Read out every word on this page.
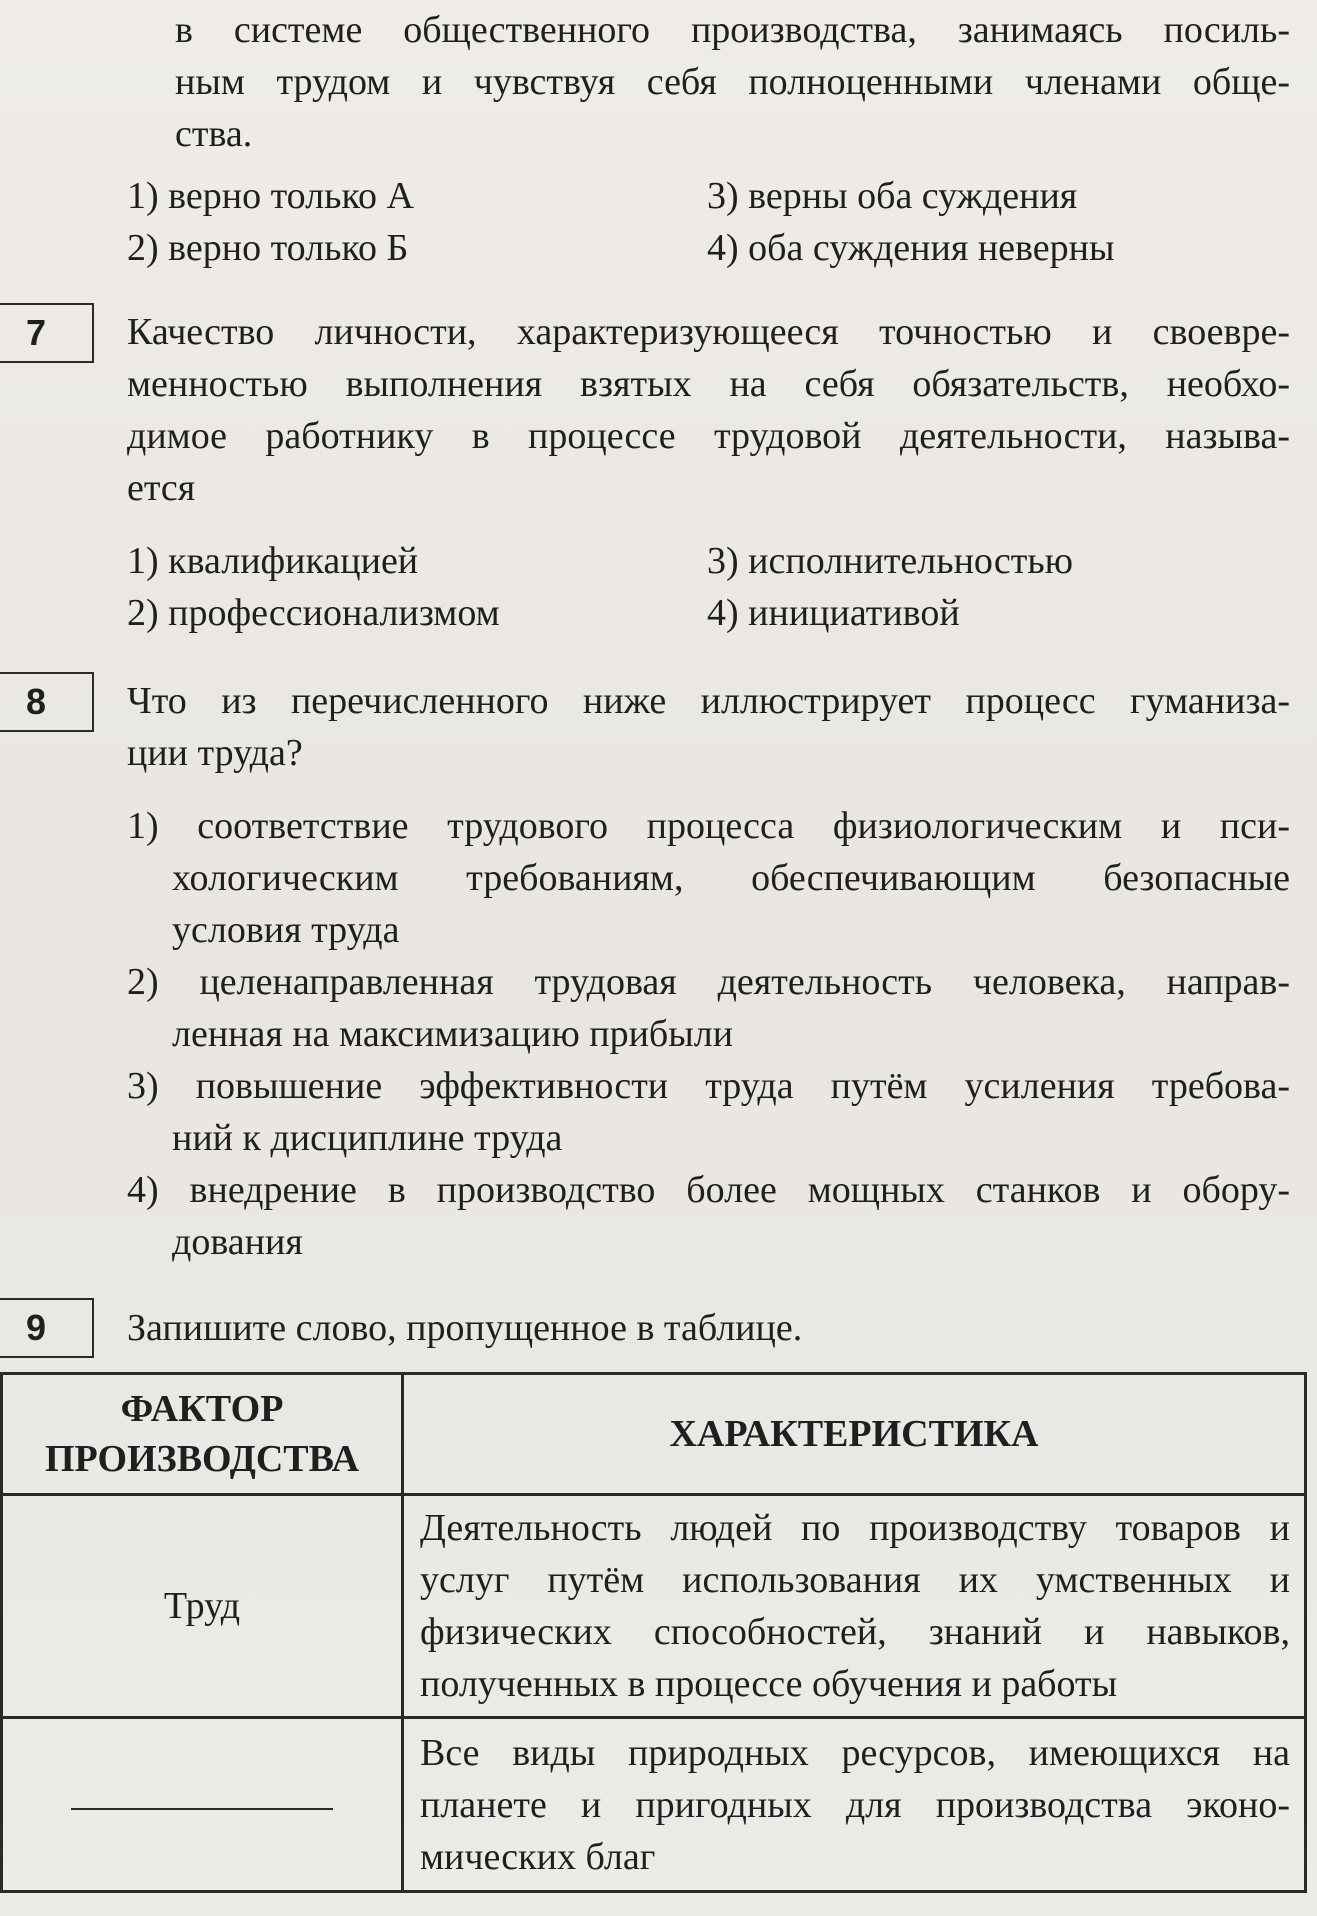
в системе общественного производства, занимаясь посиль-
ным трудом и чувствуя себя полноценными членами обще-
ства.
1) верно только А	3) верны оба суждения
2) верно только Б	4) оба суждения неверны
7	Качество личности, характеризующееся точностью и своевре-
менностью выполнения взятых на себя обязательств, необхо-
димое работнику в процессе трудовой деятельности, называ-
ется
1) квалификацией	3) исполнительностью
2) профессионализмом	4) инициативой
8	Что из перечисленного ниже иллюстрирует процесс гуманиза-
ции труда?
1) соответствие трудового процесса физиологическим и пси-
хологическим требованиям, обеспечивающим безопасные
условия труда
2) целенаправленная трудовая деятельность человека, направ-
ленная на максимизацию прибыли
3) повышение эффективности труда путём усиления требова-
ний к дисциплине труда
4) внедрение в производство более мощных станков и обору-
дования
9	Запишите слово, пропущенное в таблице.
ФАКТОР
ПРОИЗВОДСТВА	ХАРАКТЕРИСТИКА
Труд	Деятельность людей по производству товаров и услуг путём использования их умственных и физических способностей, знаний и навыков, полученных в процессе обучения и работы
	Все виды природных ресурсов, имеющихся на планете и пригодных для производства эконо-мических благ
